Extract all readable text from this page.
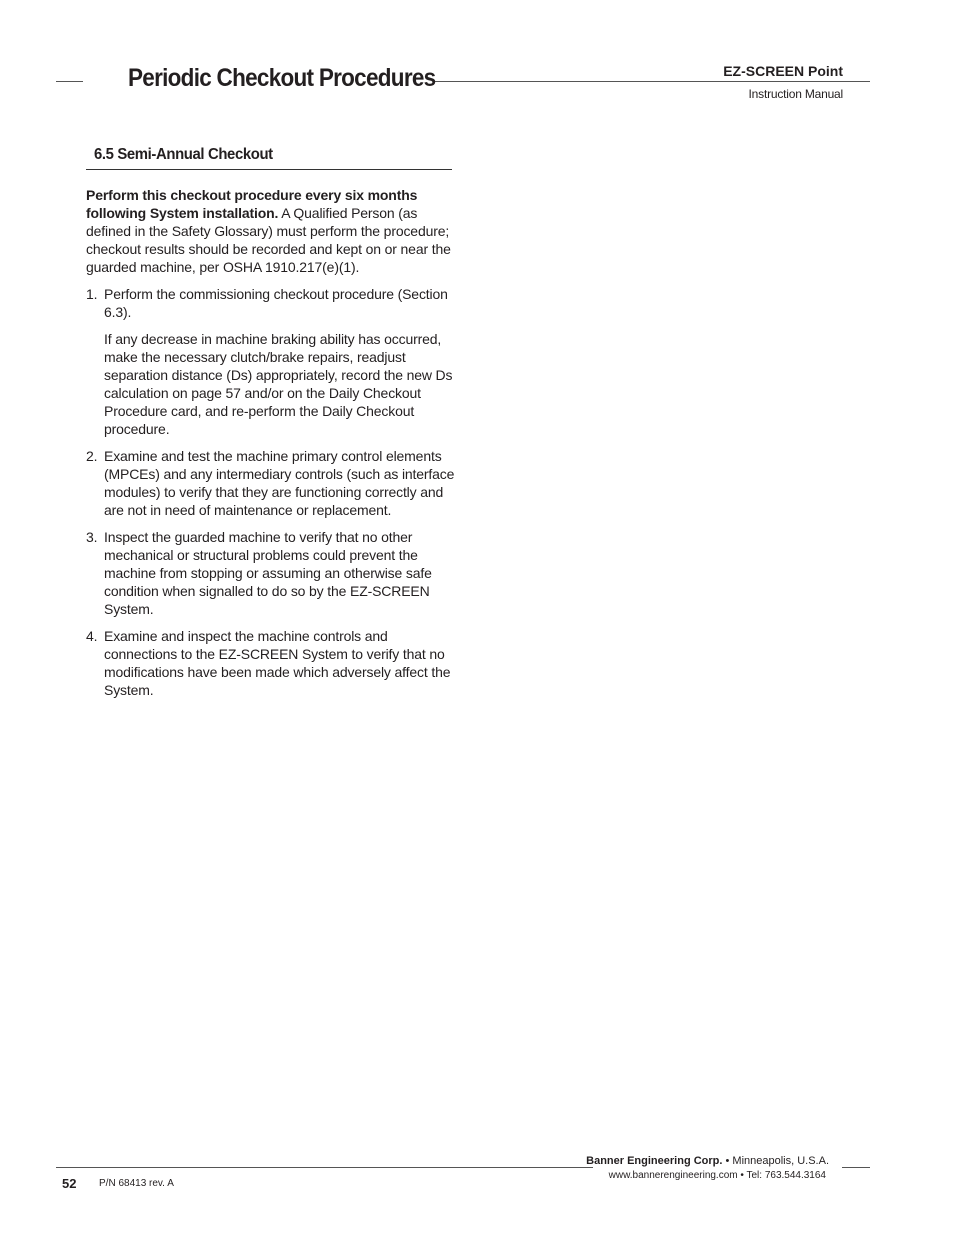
Periodic Checkout Procedures	EZ-SCREEN Point
Instruction Manual
6.5 Semi-Annual Checkout

Perform this checkout procedure every six months following System installation. A Qualified Person (as defined in the Safety Glossary) must perform the procedure; checkout results should be recorded and kept on or near the guarded machine, per OSHA 1910.217(e)(1).

1. Perform the commissioning checkout procedure (Section 6.3).

If any decrease in machine braking ability has occurred, make the necessary clutch/brake repairs, readjust separation distance (Ds) appropriately, record the new Ds calculation on page 57 and/or on the Daily Checkout Procedure card, and re-perform the Daily Checkout procedure.

2. Examine and test the machine primary control elements (MPCEs) and any intermediary controls (such as interface modules) to verify that they are functioning correctly and are not in need of maintenance or replacement.

3. Inspect the guarded machine to verify that no other mechanical or structural problems could prevent the machine from stopping or assuming an otherwise safe condition when signalled to do so by the EZ-SCREEN System.

4. Examine and inspect the machine controls and connections to the EZ-SCREEN System to verify that no modifications have been made which adversely affect the System.

52 P/N 68413 rev. A
Banner Engineering Corp. • Minneapolis, U.S.A.
www.bannerengineering.com • Tel: 763.544.3164
